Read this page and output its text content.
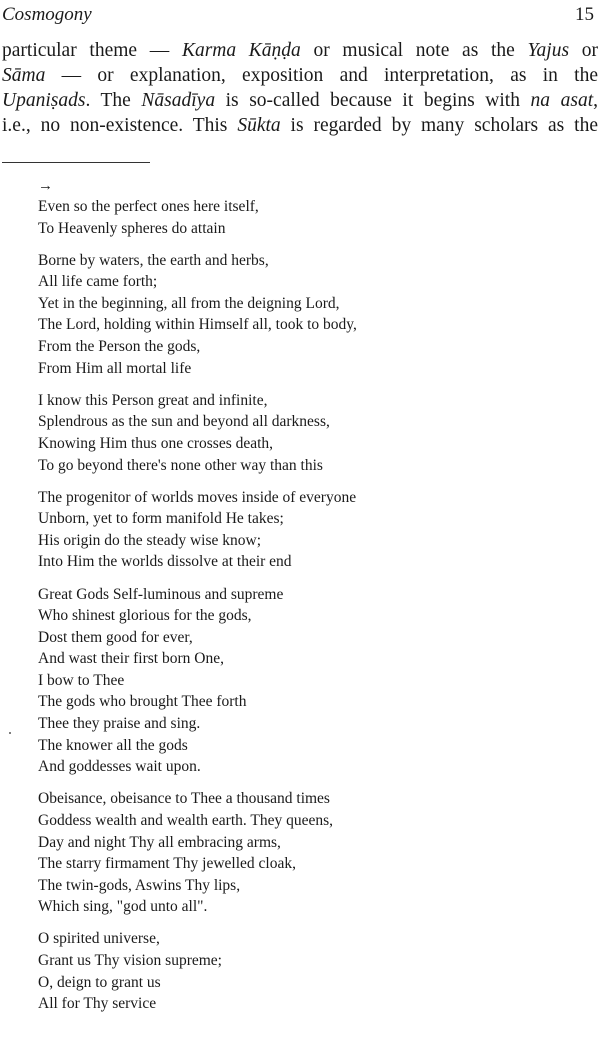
Cosmogony	15
particular theme — Karma Kāṇḍa or musical note as the Yajus or
Sāma — or explanation, exposition and interpretation, as in the
Upaniṣads. The Nāsadīya is so-called because it begins with na asat,
i.e., no non-existence. This Sūkta is regarded by many scholars as the
→
Even so the perfect ones here itself,
To Heavenly spheres do attain
Borne by waters, the earth and herbs,
All life came forth;
Yet in the beginning, all from the deigning Lord,
The Lord, holding within Himself all, took to body,
From the Person the gods,
From Him all mortal life
I know this Person great and infinite,
Splendrous as the sun and beyond all darkness,
Knowing Him thus one crosses death,
To go beyond there's none other way than this
The progenitor of worlds moves inside of everyone
Unborn, yet to form manifold He takes;
His origin do the steady wise know;
Into Him the worlds dissolve at their end
Great Gods Self-luminous and supreme
Who shinest glorious for the gods,
Dost them good for ever,
And wast their first born One,
I bow to Thee
The gods who brought Thee forth
Thee they praise and sing.
The knower all the gods
And goddesses wait upon.
Obeisance, obeisance to Thee a thousand times
Goddess wealth and wealth earth. They queens,
Day and night Thy all embracing arms,
The starry firmament Thy jewelled cloak,
The twin-gods, Aswins Thy lips,
Which sing, "god unto all".
O spirited universe,
Grant us Thy vision supreme;
O, deign to grant us
All for Thy service
